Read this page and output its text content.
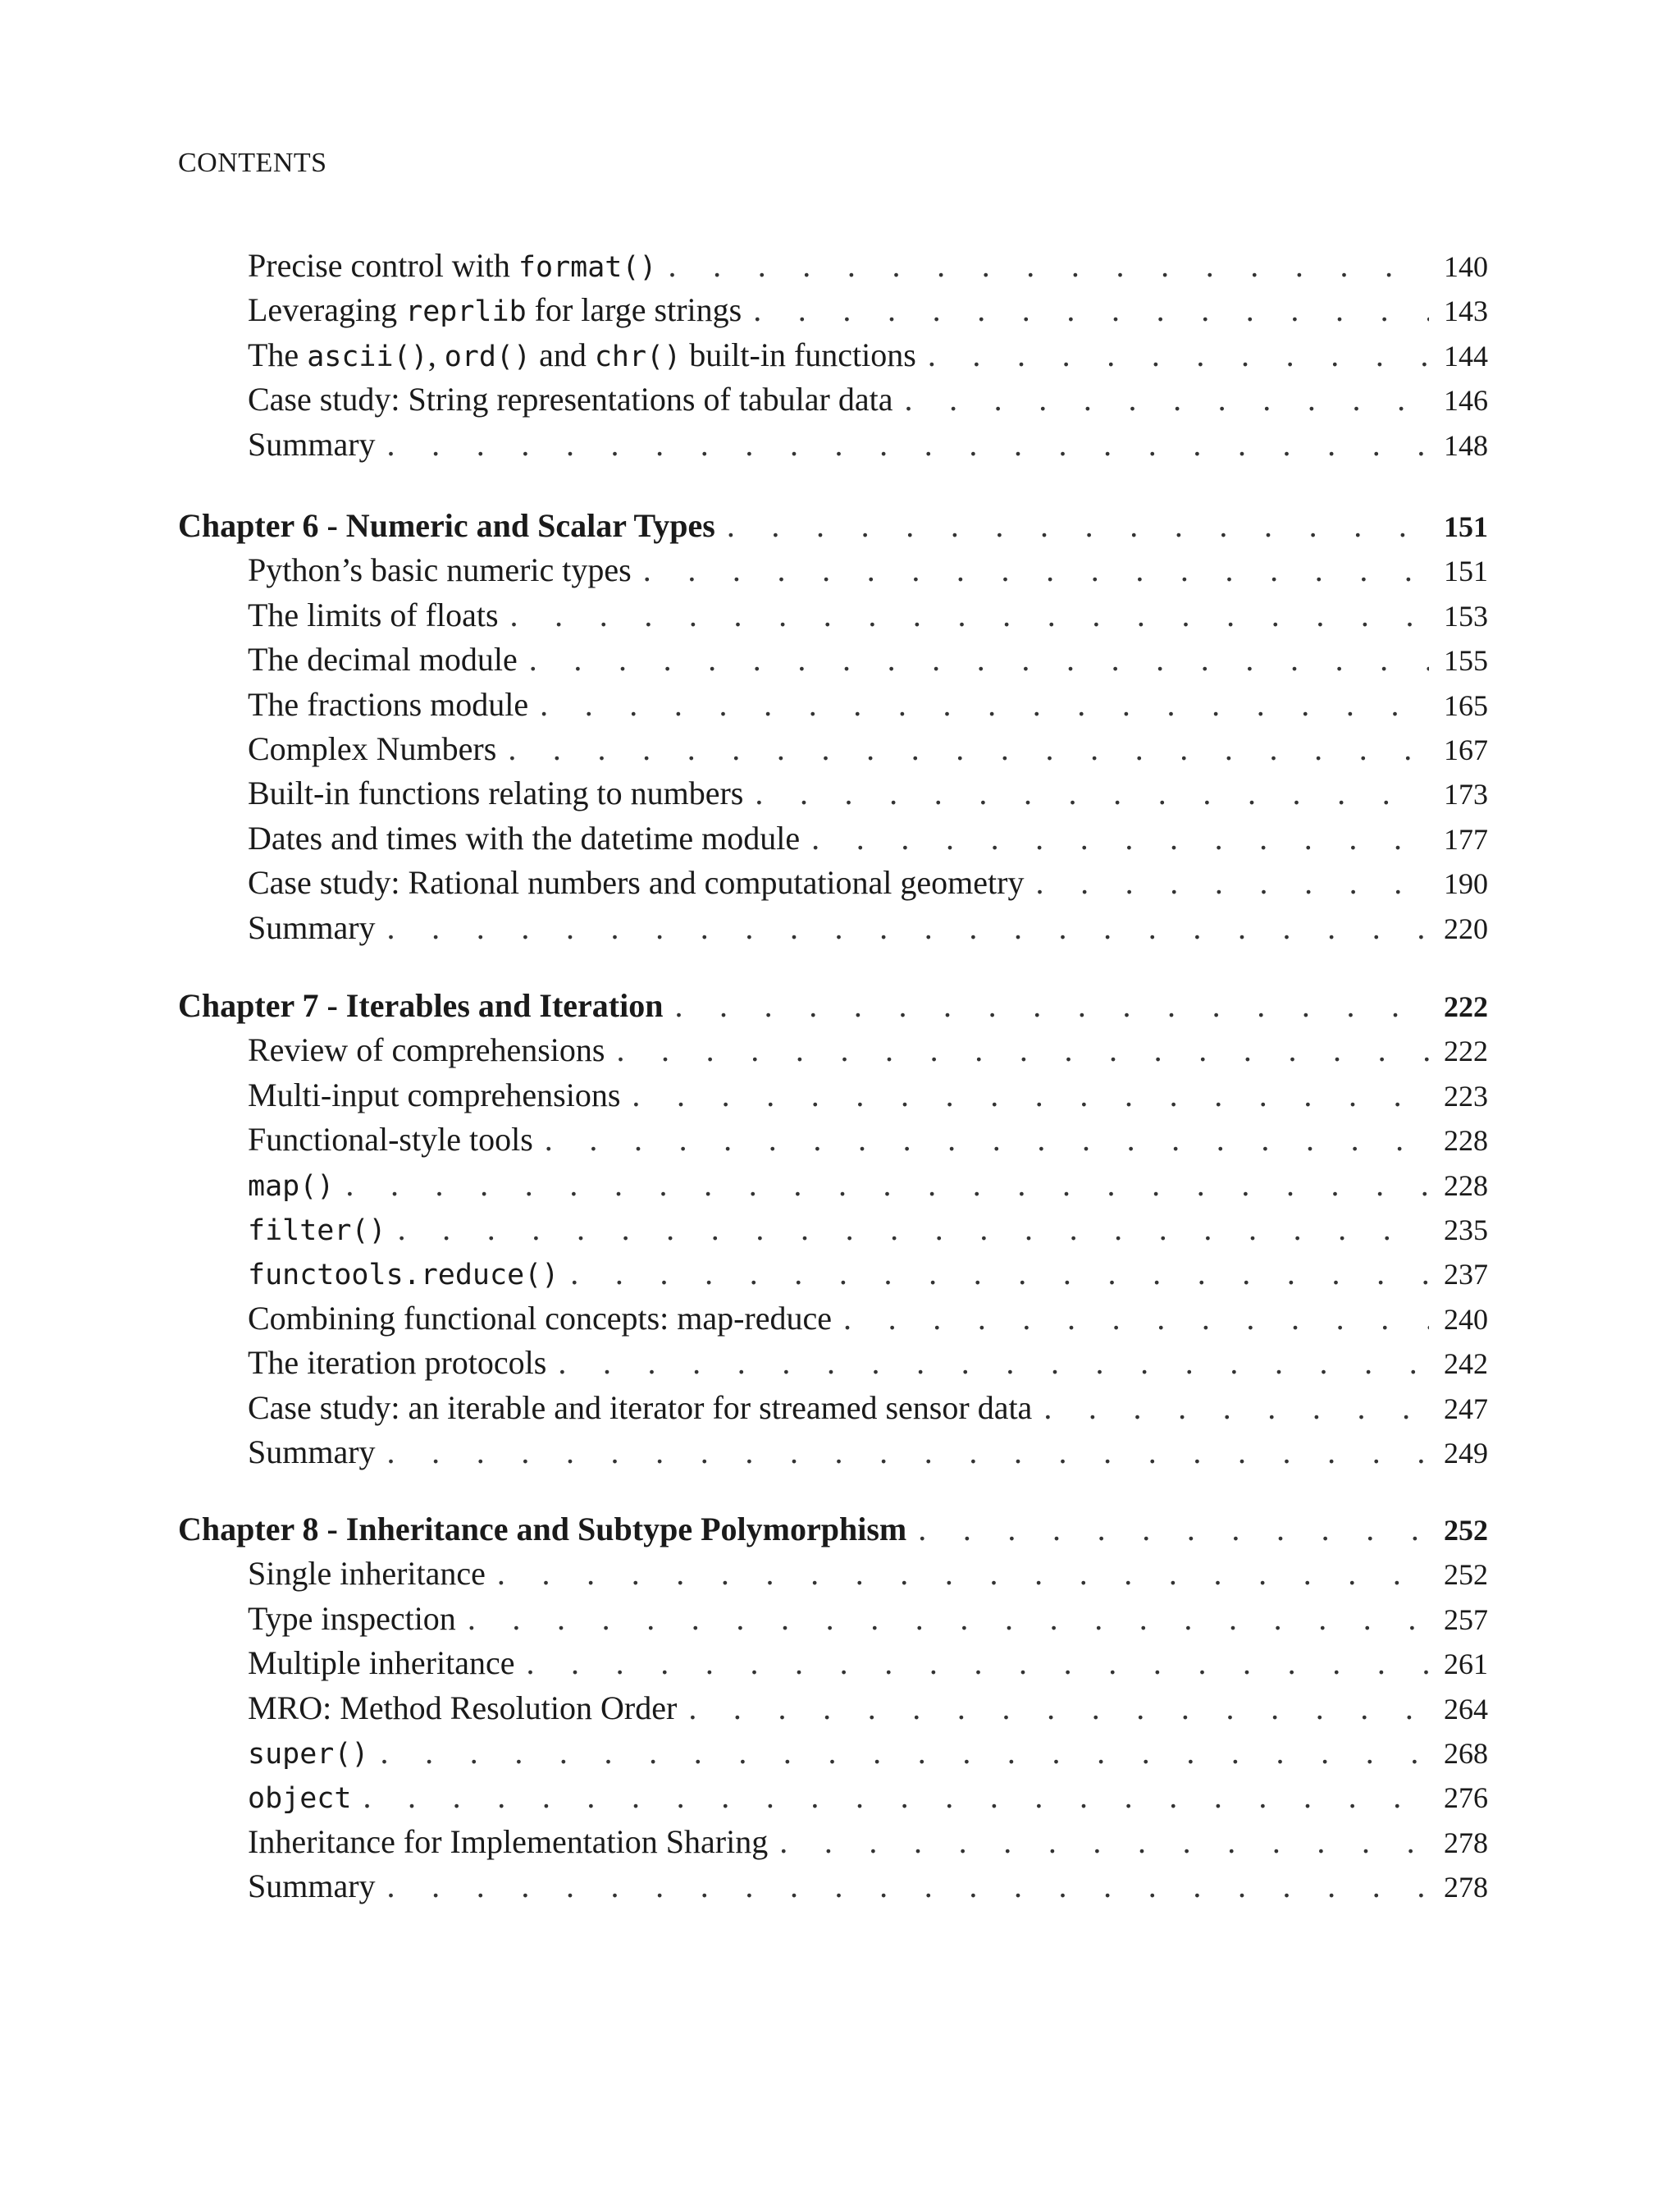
CONTENTS
Precise control with format() . . .	140
Leveraging reprlib for large strings . . .	143
The ascii(), ord() and chr() built-in functions . . .	144
Case study: String representations of tabular data . . .	146
Summary . . .	148
Chapter 6 - Numeric and Scalar Types . . .	151
Python’s basic numeric types . . .	151
The limits of floats . . .	153
The decimal module . . .	155
The fractions module . . .	165
Complex Numbers . . .	167
Built-in functions relating to numbers . . .	173
Dates and times with the datetime module . . .	177
Case study: Rational numbers and computational geometry . . .	190
Summary . . .	220
Chapter 7 - Iterables and Iteration . . .	222
Review of comprehensions . . .	222
Multi-input comprehensions . . .	223
Functional-style tools . . .	228
map() . . .	228
filter() . . .	235
functools.reduce() . . .	237
Combining functional concepts: map-reduce . . .	240
The iteration protocols . . .	242
Case study: an iterable and iterator for streamed sensor data . . .	247
Summary . . .	249
Chapter 8 - Inheritance and Subtype Polymorphism . . .	252
Single inheritance . . .	252
Type inspection . . .	257
Multiple inheritance . . .	261
MRO: Method Resolution Order . . .	264
super() . . .	268
object . . .	276
Inheritance for Implementation Sharing . . .	278
Summary . . .	278
